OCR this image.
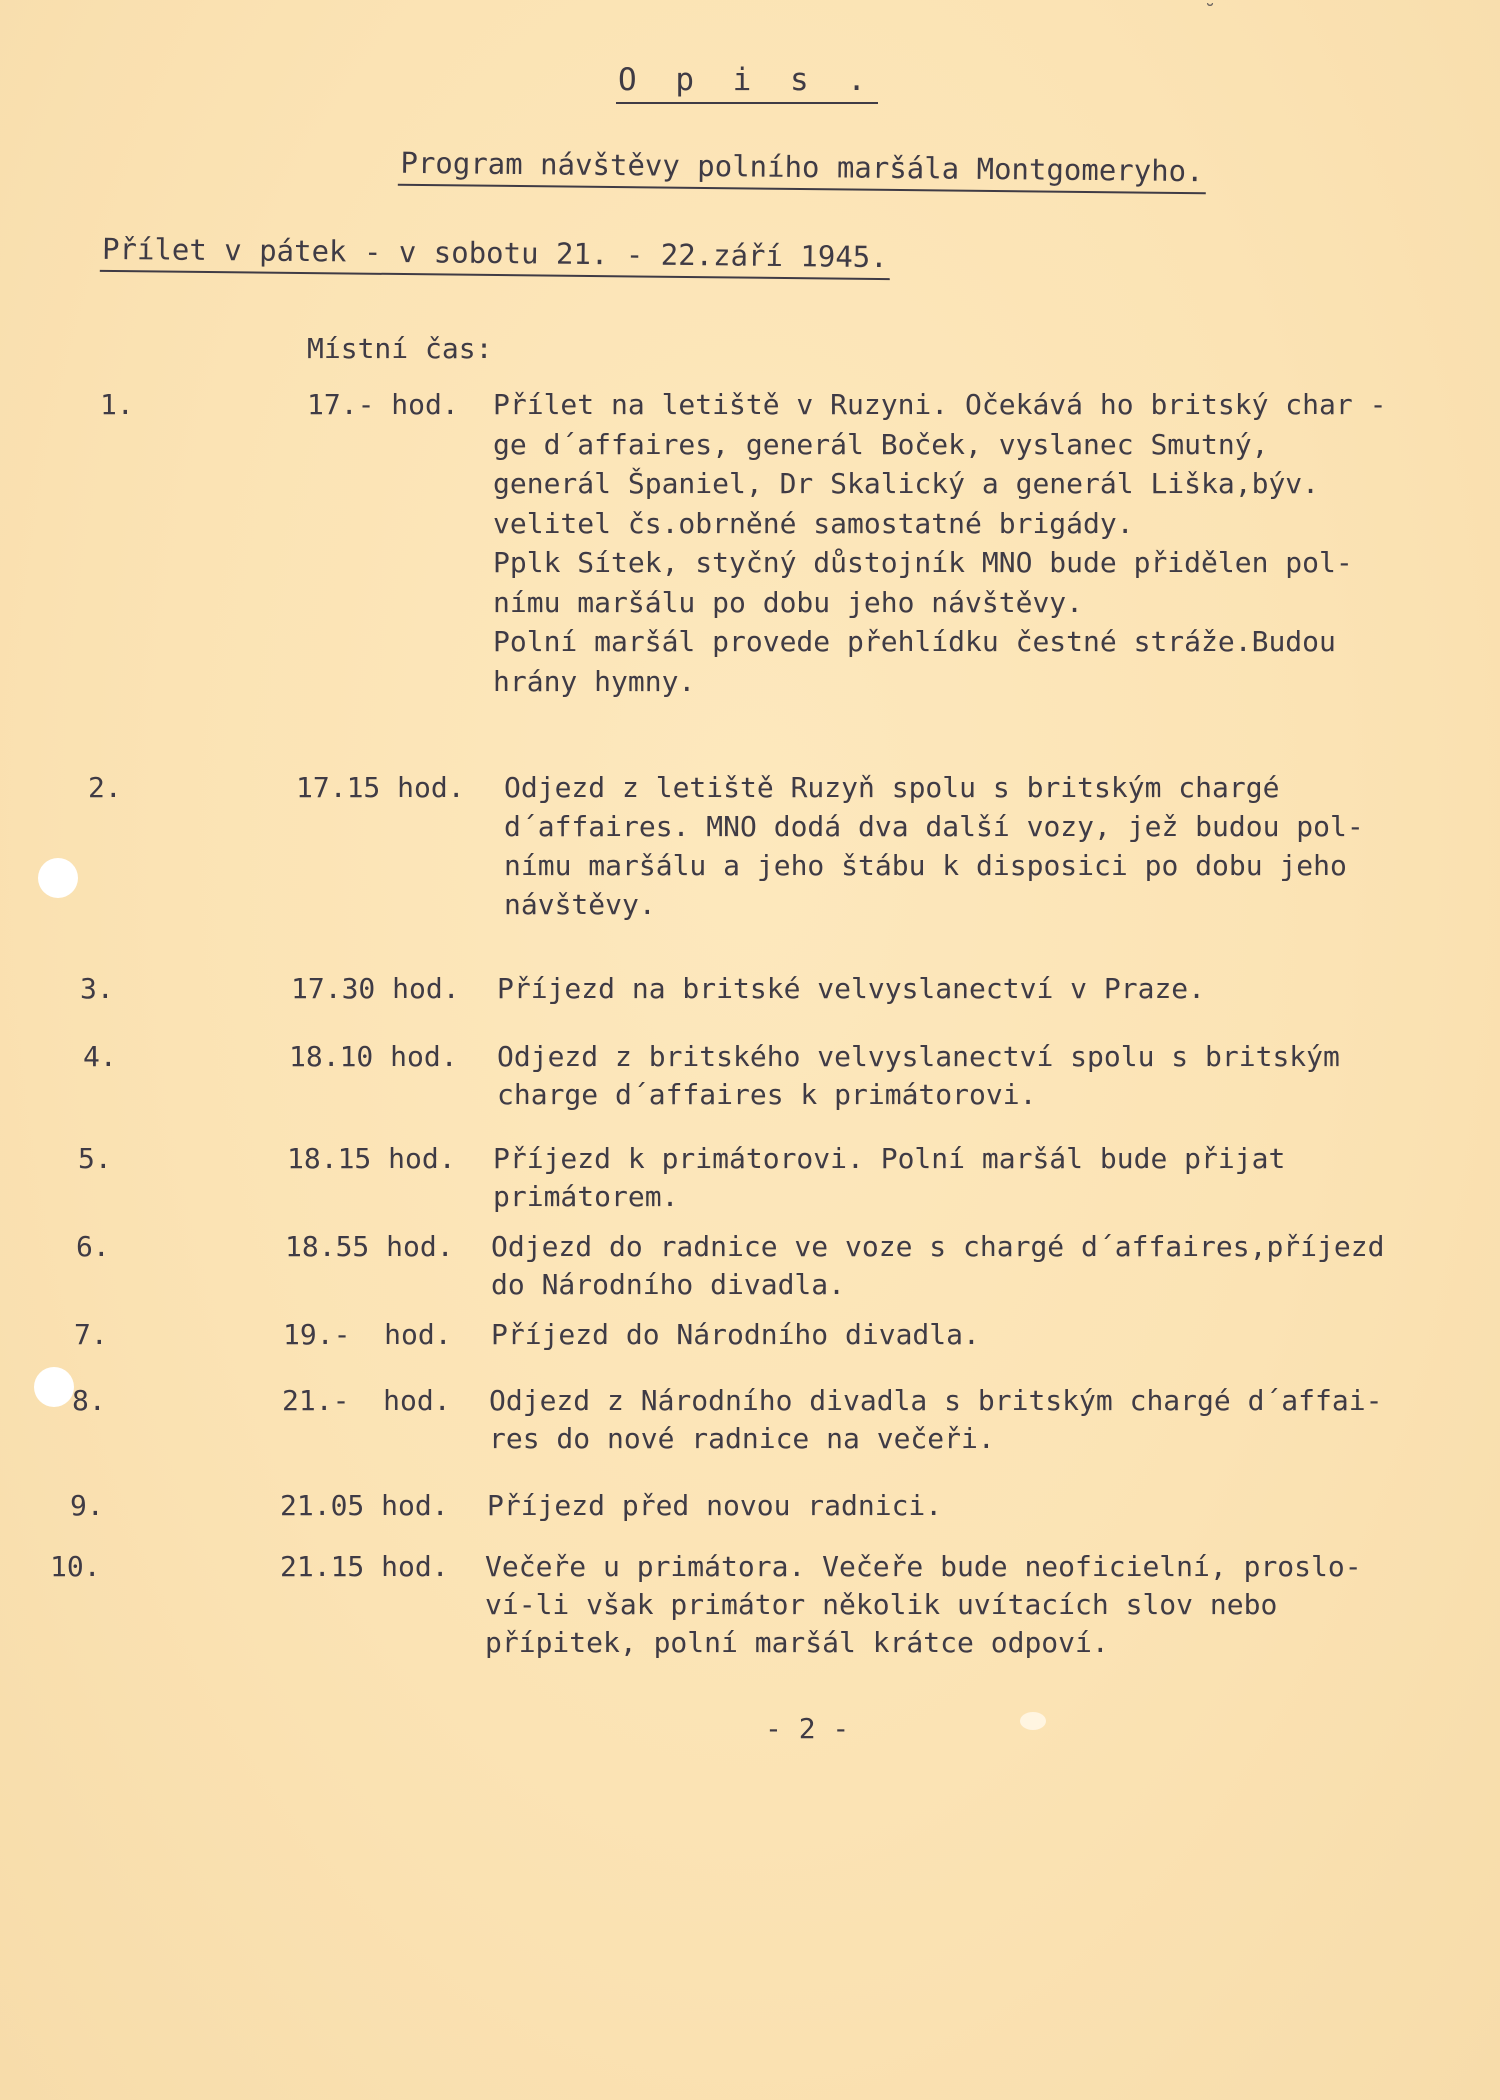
˘
O p i s .
Program návštěvy polního maršála Montgomeryho.
Přílet v pátek - v sobotu 21. - 22.září 1945.
Místní čas:
1.	17.- hod. Přílet na letiště v Ruzyni. Očekává ho britský char -
ge d´affaires, generál Boček, vyslanec Smutný,
generál Španiel, Dr Skalický a generál Liška,býv.
velitel čs.obrněné samostatné brigády.
Pplk Sítek, styčný důstojník MNO bude přidělen pol-
nímu maršálu po dobu jeho návštěvy.
Polní maršál provede přehlídku čestné stráže.Budou
hrány hymny.
2.	17.15 hod. Odjezd z letiště Ruzyň spolu s britským chargé
d´affaires. MNO dodá dva další vozy, jež budou pol-
nímu maršálu a jeho štábu k disposici po dobu jeho
návštěvy.
3.	17.30 hod. Příjezd na britské velvyslanectví v Praze.
4.	18.10 hod. Odjezd z britského velvyslanectví spolu s britským
charge d´affaires k primátorovi.
5.	18.15 hod. Příjezd k primátorovi. Polní maršál bude přijat
primátorem.
6.	18.55 hod. Odjezd do radnice ve voze s chargé d´affaires,příjezd
do Národního divadla.
7.	19.-  hod. Příjezd do Národního divadla.
8.	21.-  hod. Odjezd z Národního divadla s britským chargé d´affai-
res do nové radnice na večeři.
9.	21.05 hod. Příjezd před novou radnici.
10.	21.15 hod. Večeře u primátora. Večeře bude neoficielní, proslo-
ví-li však primátor několik uvítacích slov nebo
přípitek, polní maršál krátce odpoví.
- 2 -
